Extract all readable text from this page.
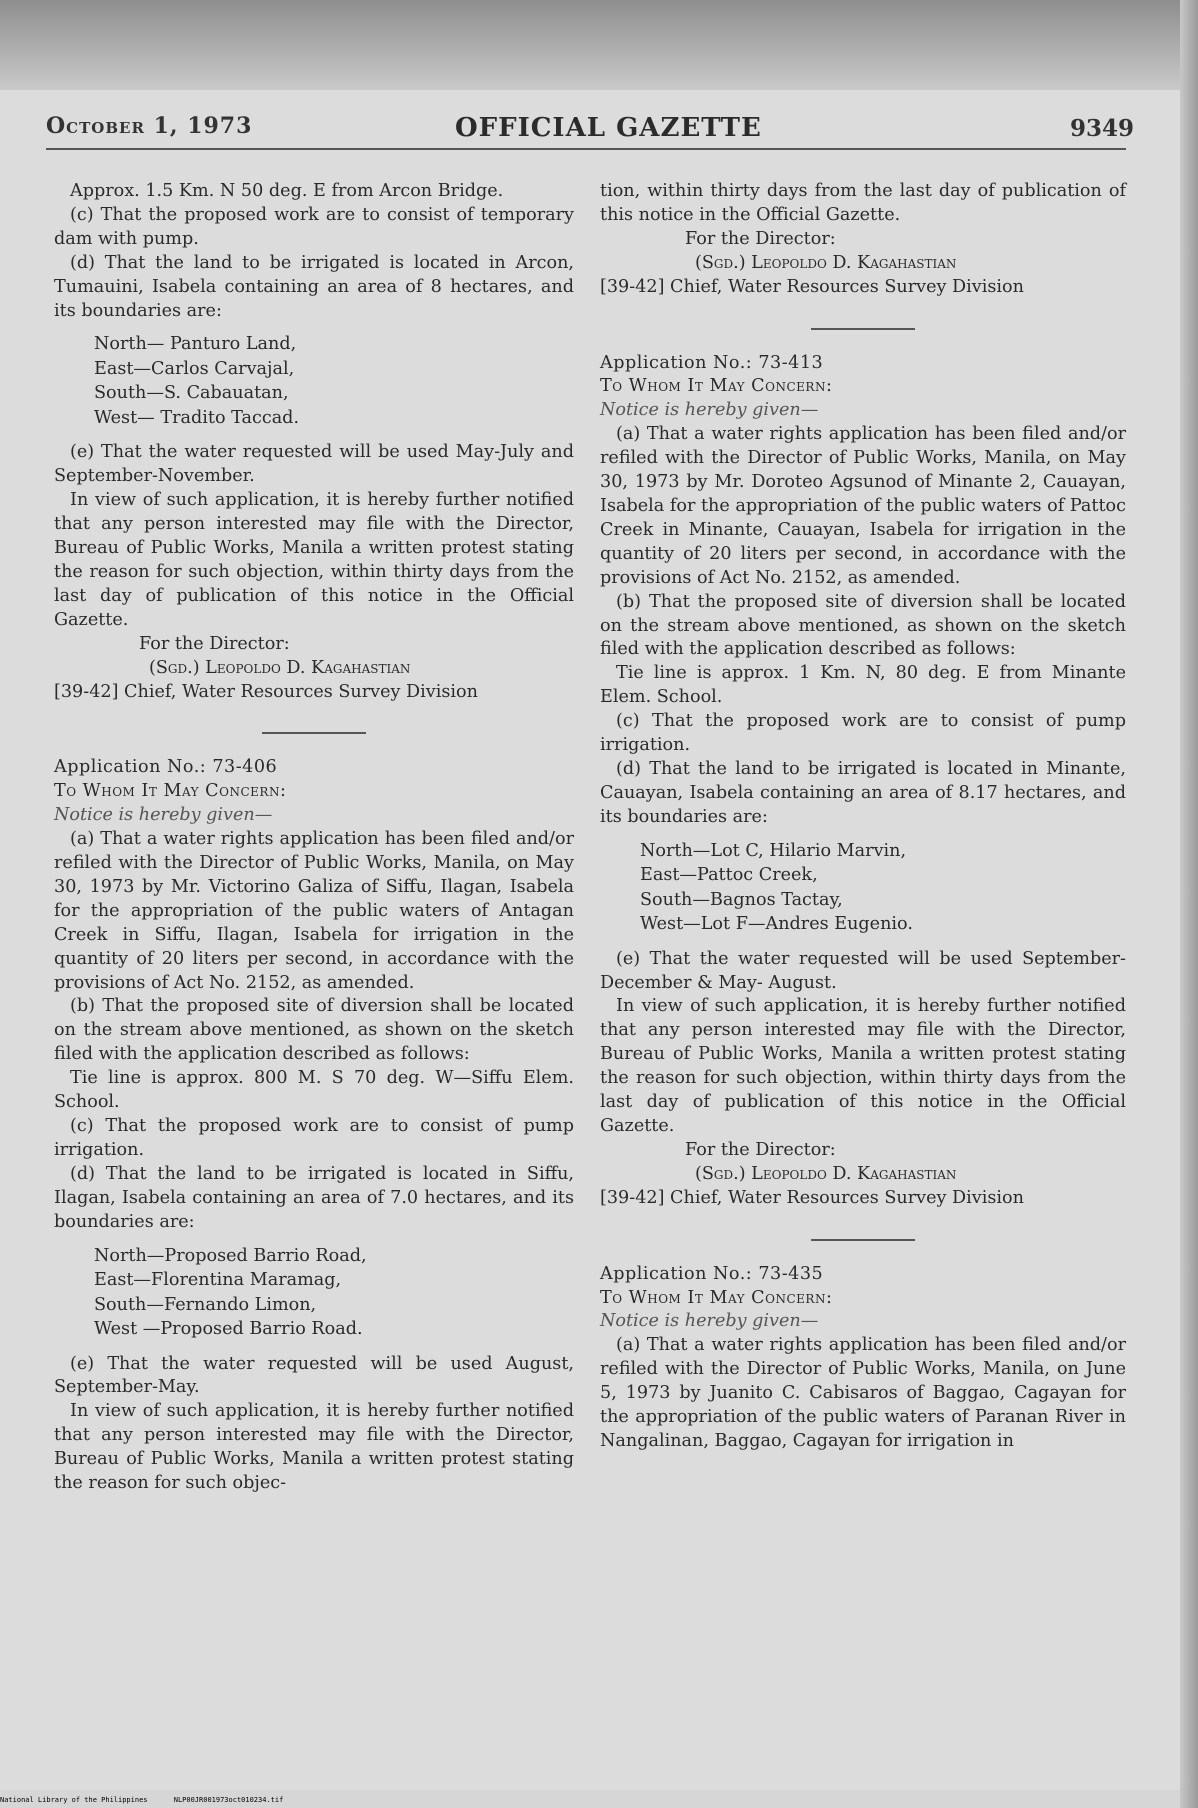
October 1, 1973	OFFICIAL GAZETTE	9349

Approx. 1.5 Km. N 50 deg. E from Arcon Bridge.

(c) That the proposed work are to consist of temporary dam with pump.

(d) That the land to be irrigated is located in Arcon, Tumauini, Isabela containing an area of 8 hectares, and its boundaries are:

North— Panturo Land,
East—Carlos Carvajal,
South—S. Cabauatan,
West— Tradito Taccad.

(e) That the water requested will be used May-July and September-November.

In view of such application, it is hereby further notified that any person interested may file with the Director, Bureau of Public Works, Manila a written protest stating the reason for such objection, within thirty days from the last day of publication of this notice in the Official Gazette.

For the Director:

(Sgd.) Leopoldo D. Kagahastian

[39-42] Chief, Water Resources Survey Division

Application No.: 73-406

To Whom It May Concern:

Notice is hereby given—

(a) That a water rights application has been filed and/or refiled with the Director of Public Works, Manila, on May 30, 1973 by Mr. Victorino Galiza of Siffu, Ilagan, Isabela for the appropriation of the public waters of Antagan Creek in Siffu, Ilagan, Isabela for irrigation in the quantity of 20 liters per second, in accordance with the provisions of Act No. 2152, as amended.

(b) That the proposed site of diversion shall be located on the stream above mentioned, as shown on the sketch filed with the application described as follows:

Tie line is approx. 800 M. S 70 deg. W—Siffu Elem. School.

(c) That the proposed work are to consist of pump irrigation.

(d) That the land to be irrigated is located in Siffu, Ilagan, Isabela containing an area of 7.0 hectares, and its boundaries are:

North—Proposed Barrio Road,
East—Florentina Maramag,
South—Fernando Limon,
West —Proposed Barrio Road.

(e) That the water requested will be used August, September-May.

In view of such application, it is hereby further notified that any person interested may file with the Director, Bureau of Public Works, Manila a written protest stating the reason for such objec-

tion, within thirty days from the last day of publication of this notice in the Official Gazette.

For the Director:

(Sgd.) Leopoldo D. Kagahastian

[39-42] Chief, Water Resources Survey Division

Application No.: 73-413

To Whom It May Concern:

Notice is hereby given—

(a) That a water rights application has been filed and/or refiled with the Director of Public Works, Manila, on May 30, 1973 by Mr. Doroteo Agsunod of Minante 2, Cauayan, Isabela for the appropriation of the public waters of Pattoc Creek in Minante, Cauayan, Isabela for irrigation in the quantity of 20 liters per second, in accordance with the provisions of Act No. 2152, as amended.

(b) That the proposed site of diversion shall be located on the stream above mentioned, as shown on the sketch filed with the application described as follows:

Tie line is approx. 1 Km. N, 80 deg. E from Minante Elem. School.

(c) That the proposed work are to consist of pump irrigation.

(d) That the land to be irrigated is located in Minante, Cauayan, Isabela containing an area of 8.17 hectares, and its boundaries are:

North—Lot C, Hilario Marvin,
East—Pattoc Creek,
South—Bagnos Tactay,
West—Lot F—Andres Eugenio.

(e) That the water requested will be used September-December & May- August.

In view of such application, it is hereby further notified that any person interested may file with the Director, Bureau of Public Works, Manila a written protest stating the reason for such objection, within thirty days from the last day of publication of this notice in the Official Gazette.

For the Director:

(Sgd.) Leopoldo D. Kagahastian

[39-42] Chief, Water Resources Survey Division

Application No.: 73-435

To Whom It May Concern:

Notice is hereby given—

(a) That a water rights application has been filed and/or refiled with the Director of Public Works, Manila, on June 5, 1973 by Juanito C. Cabisaros of Baggao, Cagayan for the appropriation of the public waters of Paranan River in Nangalinan, Baggao, Cagayan for irrigation in

National Library of the Philippines	NLP00JR001973oct010234.tif
